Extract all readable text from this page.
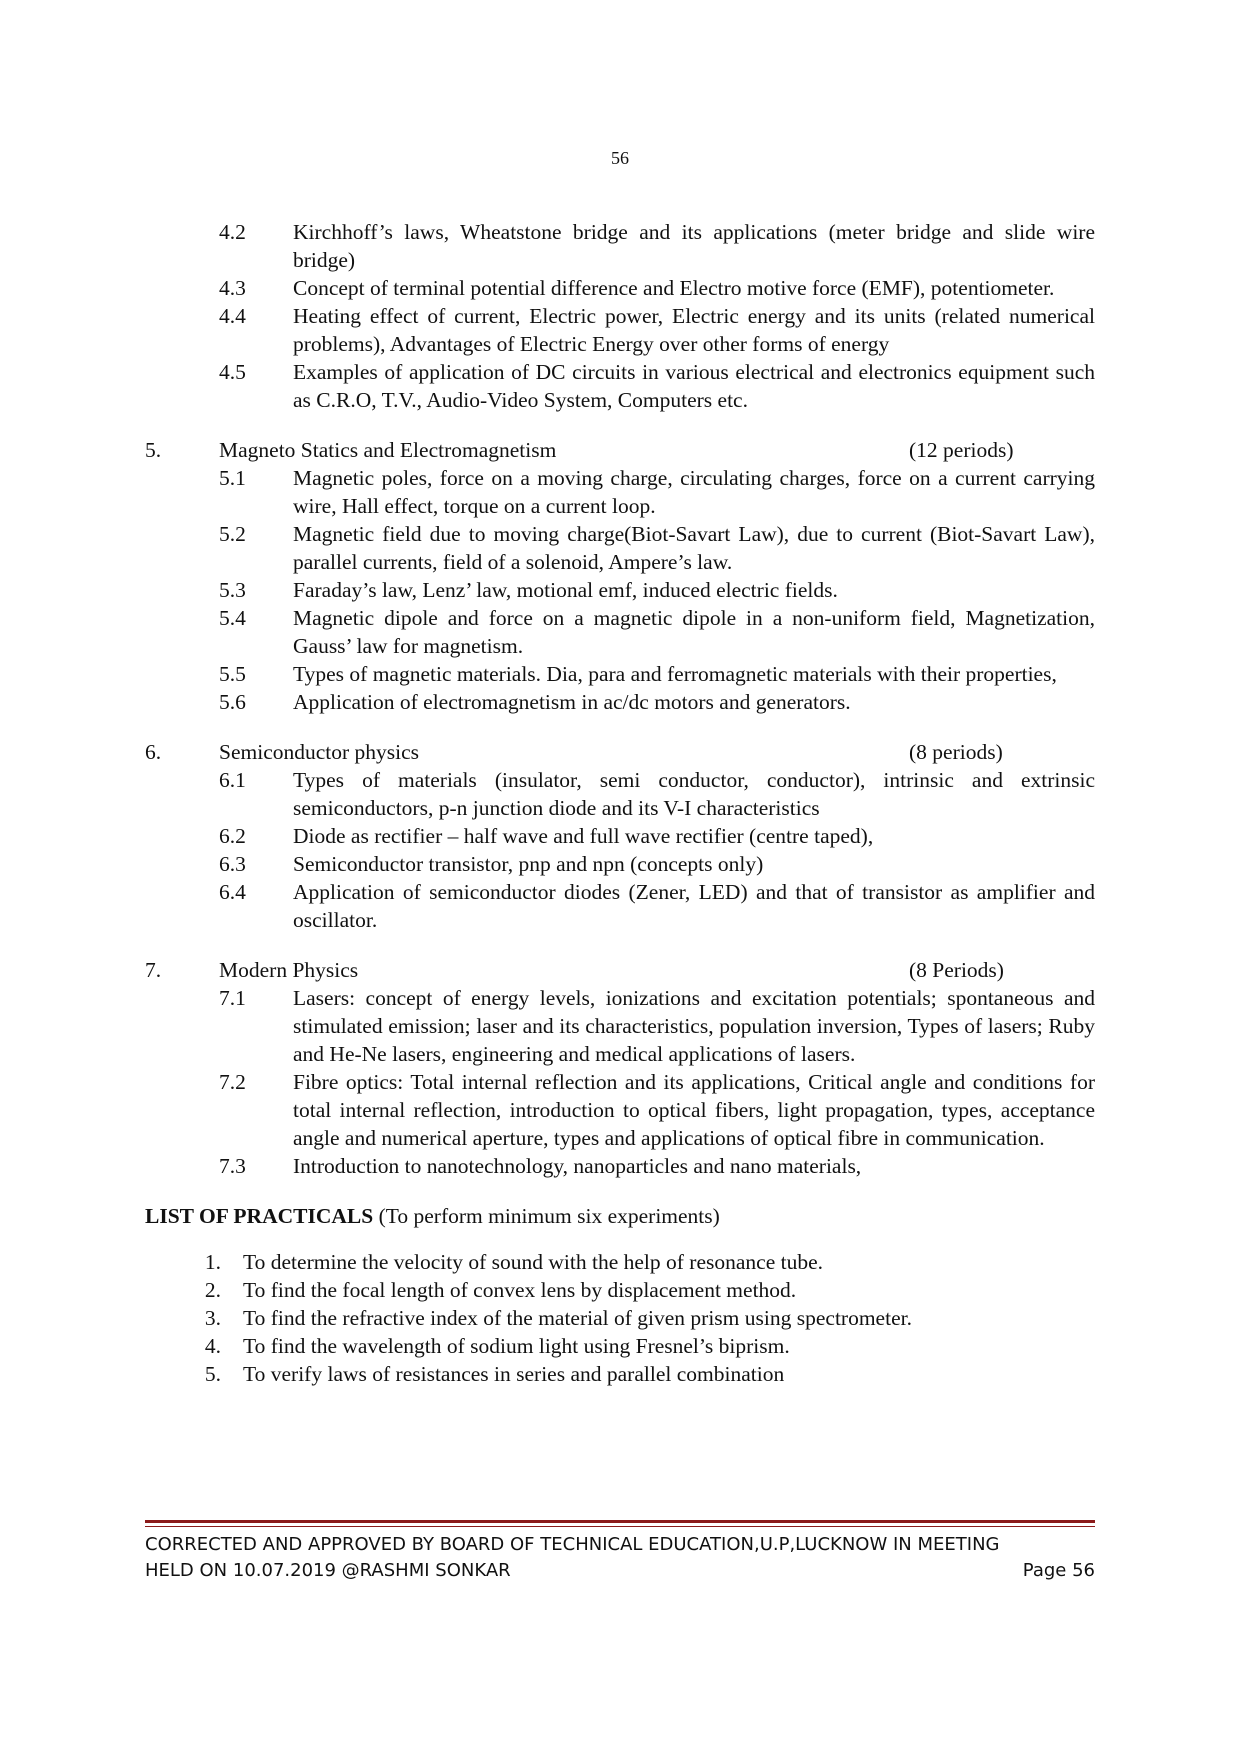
56
4.2	Kirchhoff’s laws, Wheatstone bridge and its applications (meter bridge and slide wire bridge)
4.3	Concept of terminal potential difference and Electro motive force (EMF), potentiometer.
4.4	Heating effect of current, Electric power, Electric energy and its units (related numerical problems), Advantages of Electric Energy over other forms of energy
4.5	Examples of application of DC circuits in various electrical and electronics equipment such as C.R.O, T.V., Audio-Video System, Computers etc.
5.	Magneto Statics and Electromagnetism	(12 periods)
5.1	Magnetic poles, force on a moving charge, circulating charges, force on a current carrying wire, Hall effect, torque on a current loop.
5.2	Magnetic field due to moving charge(Biot-Savart Law), due to current (Biot-Savart Law), parallel currents, field of a solenoid, Ampere’s law.
5.3	Faraday’s law, Lenz’ law, motional emf, induced electric fields.
5.4	Magnetic dipole and force on a magnetic dipole in a non-uniform field, Magnetization, Gauss’ law for magnetism.
5.5	Types of magnetic materials. Dia, para and ferromagnetic materials with their properties,
5.6	Application of electromagnetism in ac/dc motors and generators.
6.	Semiconductor physics	(8 periods)
6.1	Types of materials (insulator, semi conductor, conductor), intrinsic and extrinsic semiconductors, p-n junction diode and its V-I characteristics
6.2	Diode as rectifier – half wave and full wave rectifier (centre taped),
6.3	Semiconductor transistor, pnp and npn (concepts only)
6.4	Application of semiconductor diodes (Zener, LED) and that of transistor as amplifier and oscillator.
7.	Modern Physics	(8 Periods)
7.1	Lasers: concept of energy levels, ionizations and excitation potentials; spontaneous and stimulated emission; laser and its characteristics, population inversion, Types of lasers; Ruby and He-Ne lasers, engineering and medical applications of lasers.
7.2	Fibre optics: Total internal reflection and its applications, Critical angle and conditions for total internal reflection, introduction to optical fibers, light propagation, types, acceptance angle and numerical aperture, types and applications of optical fibre in communication.
7.3	Introduction to nanotechnology, nanoparticles and nano materials,
LIST OF PRACTICALS (To perform minimum six experiments)
1.	To determine the velocity of sound with the help of resonance tube.
2.	To find the focal length of convex lens by displacement method.
3.	To find the refractive index of the material of given prism using spectrometer.
4.	To find the wavelength of sodium light using Fresnel’s biprism.
5.	To verify laws of resistances in series and parallel combination
CORRECTED AND APPROVED BY BOARD OF TECHNICAL EDUCATION,U.P,LUCKNOW IN MEETING
HELD ON 10.07.2019 @RASHMI SONKAR	Page 56
